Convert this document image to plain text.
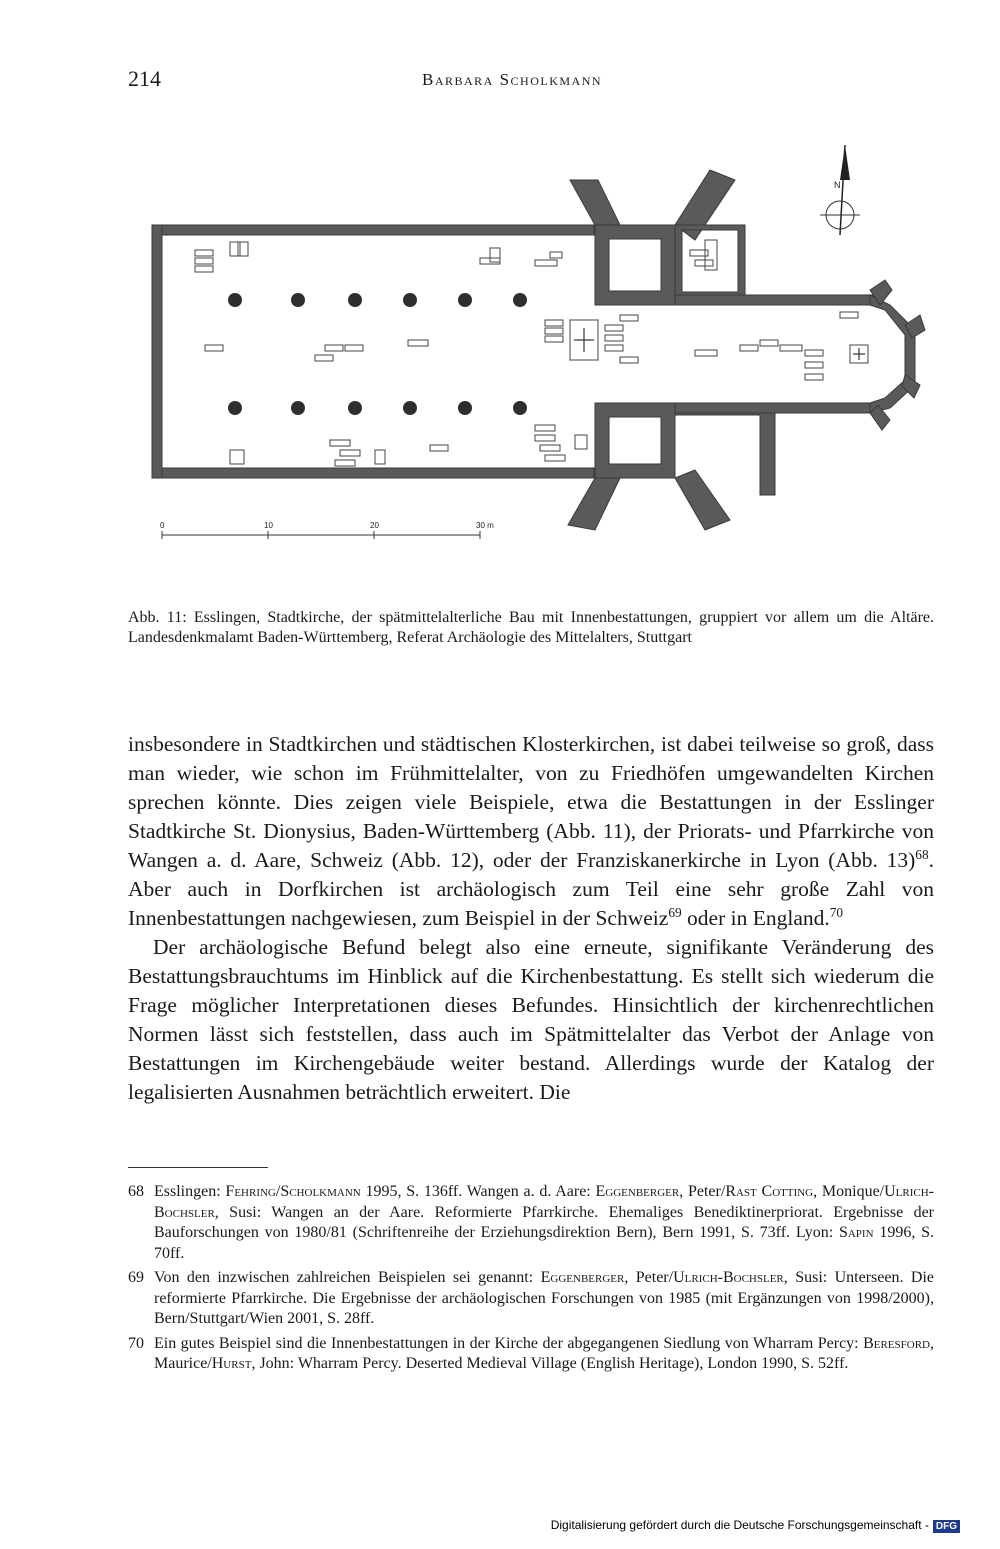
214	Barbara Scholkmann
N
0	10	20	30 m
Abb. 11: Esslingen, Stadtkirche, der spätmittelalterliche Bau mit Innenbestattungen, gruppiert vor allem um die Altäre. Landesdenkmalamt Baden-Württemberg, Referat Archäologie des Mittelalters, Stuttgart

insbesondere in Stadtkirchen und städtischen Klosterkirchen, ist dabei teilweise so groß, dass man wieder, wie schon im Frühmittelalter, von zu Friedhöfen umgewandelten Kirchen sprechen könnte. Dies zeigen viele Beispiele, etwa die Bestattungen in der Esslinger Stadtkirche St. Dionysius, Baden-Württemberg (Abb. 11), der Priorats- und Pfarrkirche von Wangen a. d. Aare, Schweiz (Abb. 12), oder der Franziskanerkirche in Lyon (Abb. 13)$^{68}$. Aber auch in Dorfkirchen ist archäologisch zum Teil eine sehr große Zahl von Innenbestattungen nachgewiesen, zum Beispiel in der Schweiz$^{69}$ oder in England.$^{70}$

Der archäologische Befund belegt also eine erneute, signifikante Veränderung des Bestattungsbrauchtums im Hinblick auf die Kirchenbestattung. Es stellt sich wiederum die Frage möglicher Interpretationen dieses Befundes. Hinsichtlich der kirchenrechtlichen Normen lässt sich feststellen, dass auch im Spätmittelalter das Verbot der Anlage von Bestattungen im Kirchengebäude weiter bestand. Allerdings wurde der Katalog der legalisierten Ausnahmen beträchtlich erweitert. Die

68 Esslingen: Fehring/Scholkmann 1995, S. 136ff. Wangen a. d. Aare: Eggenberger, Peter/Rast Cotting, Monique/Ulrich-Bochsler, Susi: Wangen an der Aare. Reformierte Pfarrkirche. Ehemaliges Benediktinerpriorat. Ergebnisse der Bauforschungen von 1980/81 (Schriftenreihe der Erziehungsdirektion Bern), Bern 1991, S. 73ff. Lyon: Sapin 1996, S. 70ff.

69 Von den inzwischen zahlreichen Beispielen sei genannt: Eggenberger, Peter/Ulrich-Bochsler, Susi: Unterseen. Die reformierte Pfarrkirche. Die Ergebnisse der archäologischen Forschungen von 1985 (mit Ergänzungen von 1998/2000), Bern/Stuttgart/Wien 2001, S. 28ff.

70 Ein gutes Beispiel sind die Innenbestattungen in der Kirche der abgegangenen Siedlung von Wharram Percy: Beresford, Maurice/Hurst, John: Wharram Percy. Deserted Medieval Village (English Heritage), London 1990, S. 52ff.

Digitalisierung gefördert durch die Deutsche Forschungsgemeinschaft - DFG
